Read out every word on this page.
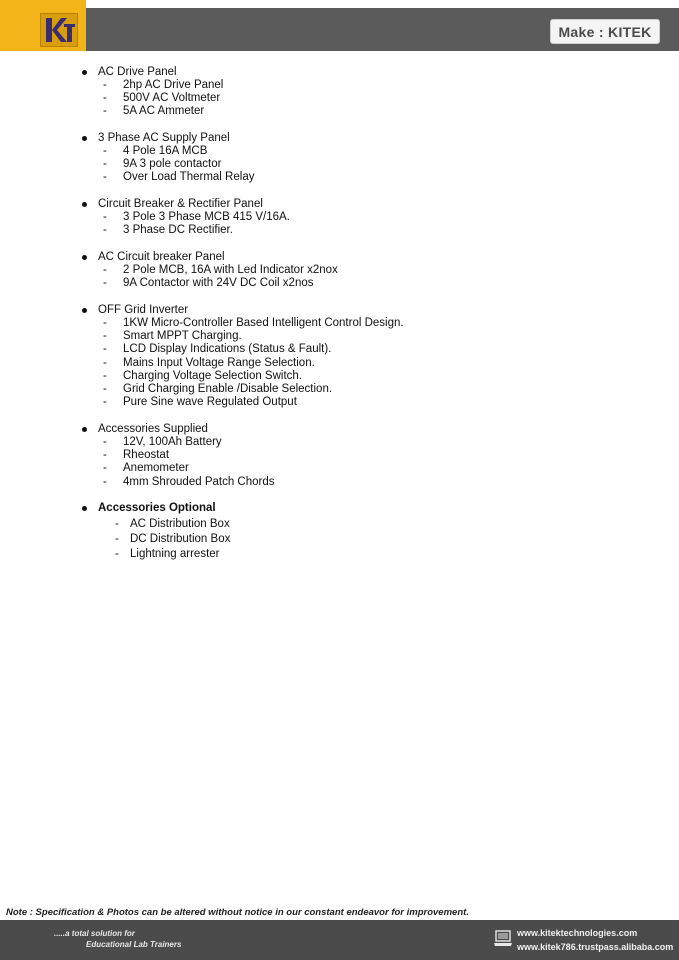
Make : KITEK
AC Drive Panel
- 2hp AC Drive Panel
- 500V AC Voltmeter
- 5A AC Ammeter
3 Phase AC Supply Panel
- 4 Pole 16A MCB
- 9A 3 pole contactor
- Over Load Thermal Relay
Circuit Breaker & Rectifier Panel
- 3 Pole 3 Phase MCB 415 V/16A.
- 3 Phase DC Rectifier.
AC Circuit breaker Panel
- 2 Pole MCB, 16A with Led Indicator x2nox
- 9A Contactor with 24V DC Coil x2nos
OFF Grid Inverter
- 1KW Micro-Controller Based Intelligent Control Design.
- Smart MPPT Charging.
- LCD Display Indications (Status & Fault).
- Mains Input Voltage Range Selection.
- Charging Voltage Selection Switch.
- Grid Charging Enable /Disable Selection.
- Pure Sine wave Regulated Output
Accessories Supplied
- 12V, 100Ah Battery
- Rheostat
- Anemometer
- 4mm Shrouded Patch Chords
Accessories Optional
- AC Distribution Box
- DC Distribution Box
- Lightning arrester
Note : Specification & Photos can be altered without notice in our constant endeavor for improvement.
.....a total solution for
Educational Lab Trainers
www.kitektechnologies.com
www.kitek786.trustpass.alibaba.com
